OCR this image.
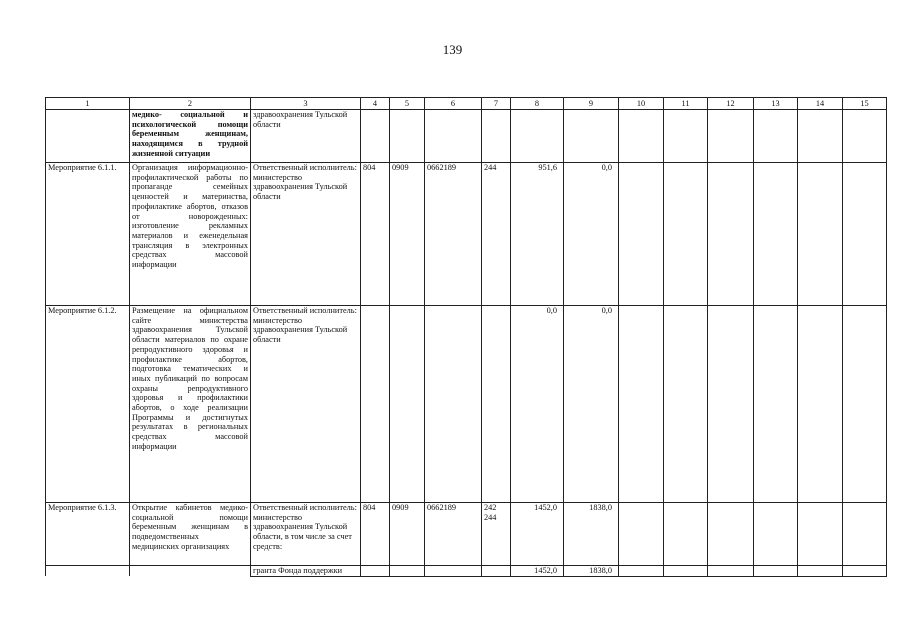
139
1	2	3	4	5	6	7	8	9	10	11	12	13	14	15
	медико- социальной и психологической помощи беременным женщинам, находящимся в трудной жизненной ситуации	здравоохранения Тульской области												
Мероприятие 6.1.1.	Организация информационно-профилактической работы по пропаганде семейных ценностей и материнства, профилактике абортов, отказов от новорожденных: изготовление рекламных материалов и еженедельная трансляция в электронных средствах массовой информации	Ответственный исполнитель: министерство здравоохранения Тульской области	804	0909	0662189	244	951,6	0,0						
Мероприятие 6.1.2.	Размещение на официальном сайте министерства здравоохранения Тульской области материалов по охране репродуктивного здоровья и профилактике абортов, подготовка тематических и иных публикаций по вопросам охраны репродуктивного здоровья и профилактики абортов, о ходе реализации Программы и достигнутых результатах в региональных средствах массовой информации	Ответственный исполнитель: министерство здравоохранения Тульской области					0,0	0,0						
Мероприятие 6.1.3.	Открытие кабинетов медико-социальной помощи беременным женщинам в подведомственных медицинских организациях	Ответственный исполнитель: министерство здравоохранения Тульской области, в том числе за счет средств:	804	0909	0662189	242 244	1452,0	1838,0						
		гранта Фонда поддержки					1452,0	1838,0						
